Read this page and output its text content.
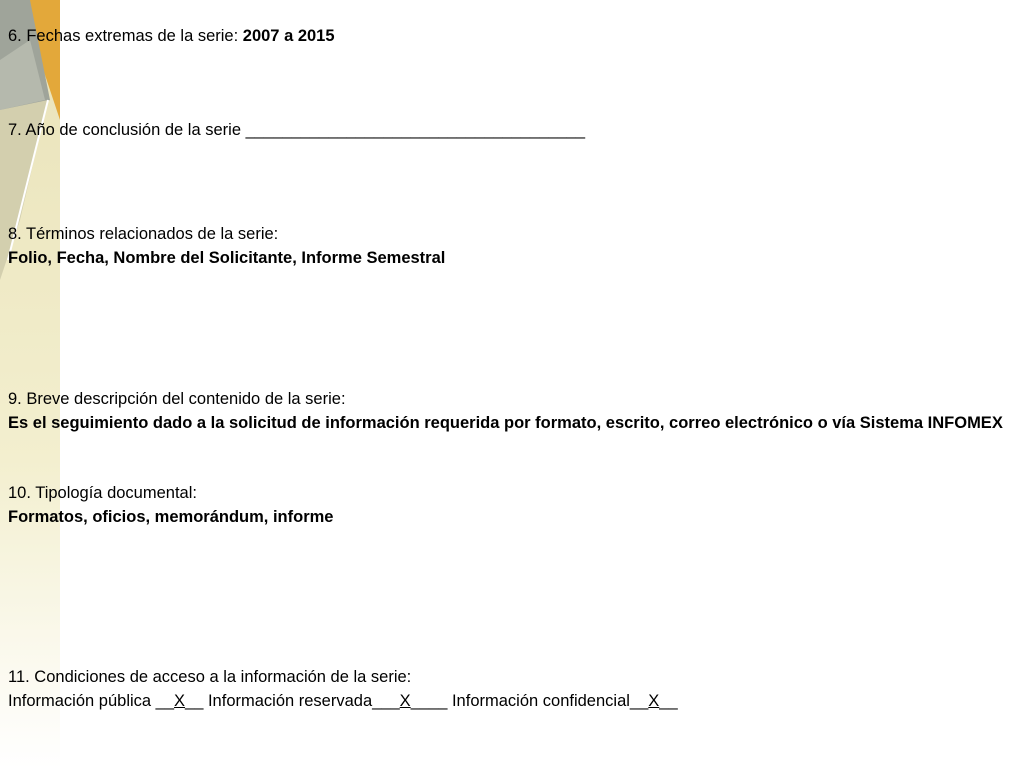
6. Fechas extremas de la serie: 2007 a 2015
7. Año de conclusión de la serie _____________________________________
8. Términos relacionados de la serie:
Folio, Fecha, Nombre del Solicitante, Informe Semestral
9. Breve descripción del contenido de la serie:
Es el seguimiento dado a la solicitud de información requerida por formato, escrito, correo electrónico o vía Sistema INFOMEX
10. Tipología documental:
Formatos, oficios, memorándum, informe
11. Condiciones de acceso a la información de la serie:
Información pública __X__ Información reservada___X____ Información confidencial__X__
